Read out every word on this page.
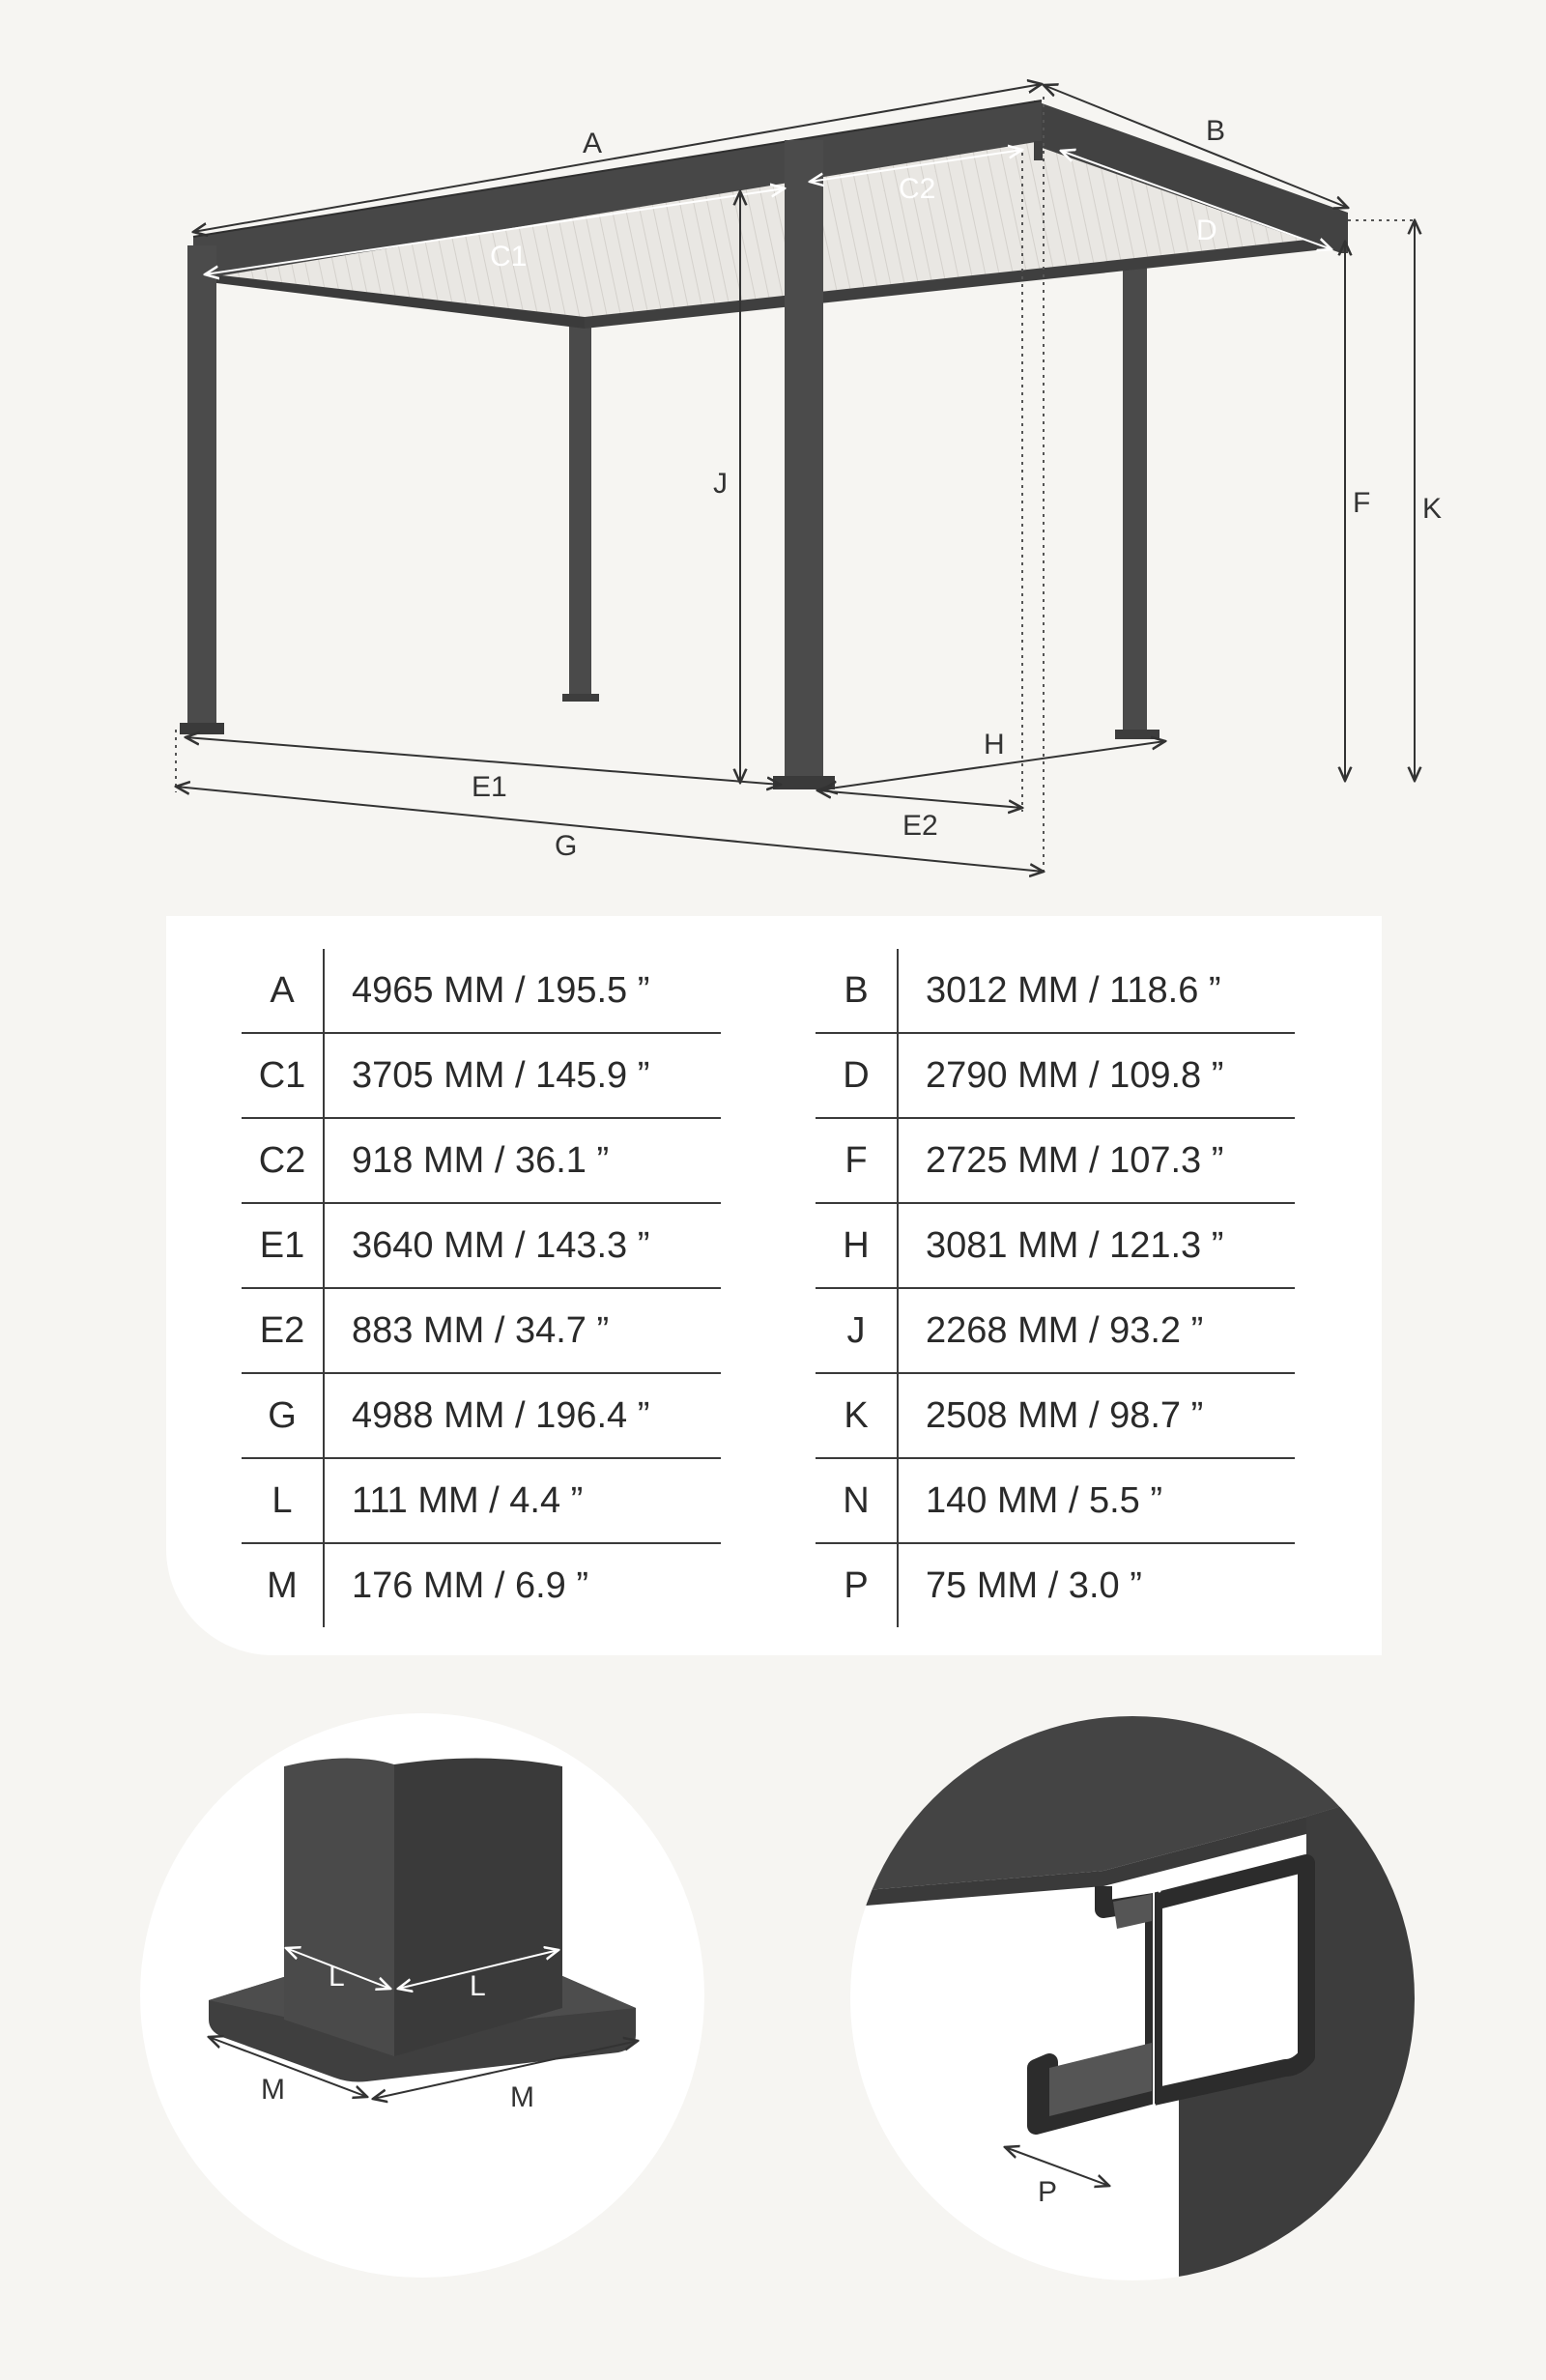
A	B
C1
C2
D
J
F K
E1
H
E2
G
A	4965 MM / 195.5 ”
C1	3705 MM / 145.9 ”
C2	918 MM / 36.1 ”
E1	3640 MM / 143.3 ”
E2	883 MM / 34.7 ”
G	4988 MM / 196.4 ”
L	111 MM / 4.4 ”
M	176 MM / 6.9 ”
B	3012 MM / 118.6 ”
D	2790 MM / 109.8 ”
F	2725 MM / 107.3 ”
H	3081 MM / 121.3 ”
J	2268 MM / 93.2 ”
K	2508 MM / 98.7 ”
N	140 MM / 5.5 ”
P	75 MM / 3.0 ”
L	L
M	M
N
P
